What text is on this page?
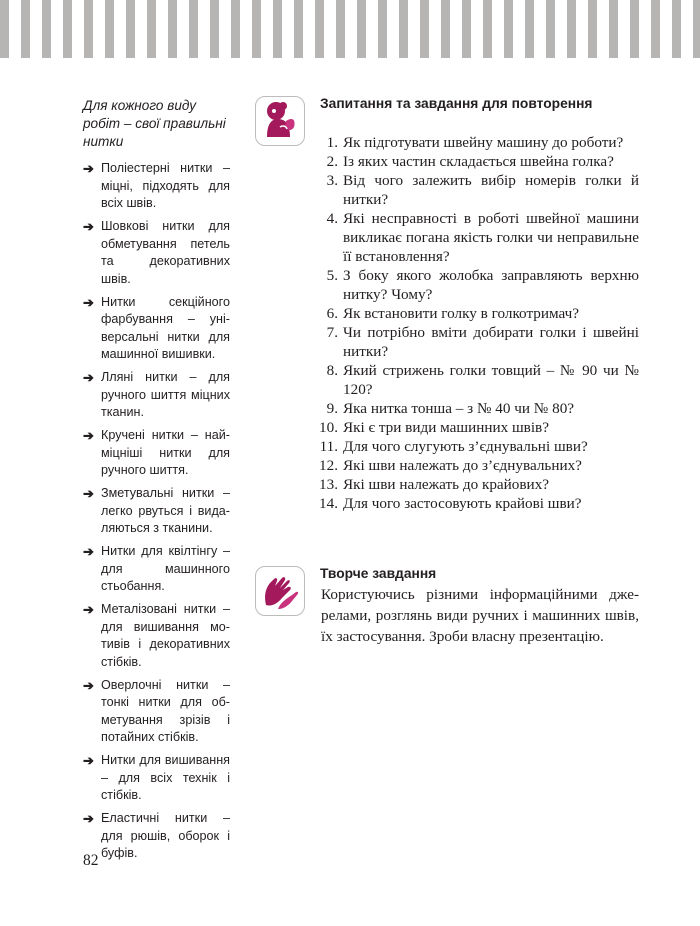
Для кожного виду робіт – свої правильні нитки
➔ Поліестерні нитки – міцні, підходять для всіх швів.
➔ Шовкові нитки для обметування петель та декоративних швів.
➔ Нитки секційного фарбування – універсальні нитки для машинної вишивки.
➔ Лляні нитки – для ручного шиття міцних тканин.
➔ Кручені нитки – найміцніші нитки для ручного шиття.
➔ Зметувальні нитки – легко рвуться і видаляються з тканини.
➔ Нитки для квілтінгу – для машинного стьобання.
➔ Металізовані нитки – для вишивання мотивів і декоративних стібків.
➔ Оверлочні нитки – тонкі нитки для обметування зрізів і потайних стібків.
➔ Нитки для вишивання – для всіх технік і стібків.
➔ Еластичні нитки – для рюшів, оборок і буфів.
Запитання та завдання для повторення
1. Як підготувати швейну машину до роботи?
2. Із яких частин складається швейна голка?
3. Від чого залежить вибір номерів голки й нитки?
4. Які несправності в роботі швейної машини викликає погана якість голки чи неправильне її встановлення?
5. З боку якого жолобка заправляють верхню нитку? Чому?
6. Як встановити голку в голкотримач?
7. Чи потрібно вміти добирати голки і швейні нитки?
8. Який стрижень голки товщий – № 90 чи № 120?
9. Яка нитка тонша – з № 40 чи № 80?
10. Які є три види машинних швів?
11. Для чого слугують з’єднувальні шви?
12. Які шви належать до з’єднувальних?
13. Які шви належать до крайових?
14. Для чого застосовують крайові шви?
Творче завдання

Користуючись різними інформаційними джерелами, розглянь види ручних і машинних швів, їх застосування. Зроби власну презентацію.

82
